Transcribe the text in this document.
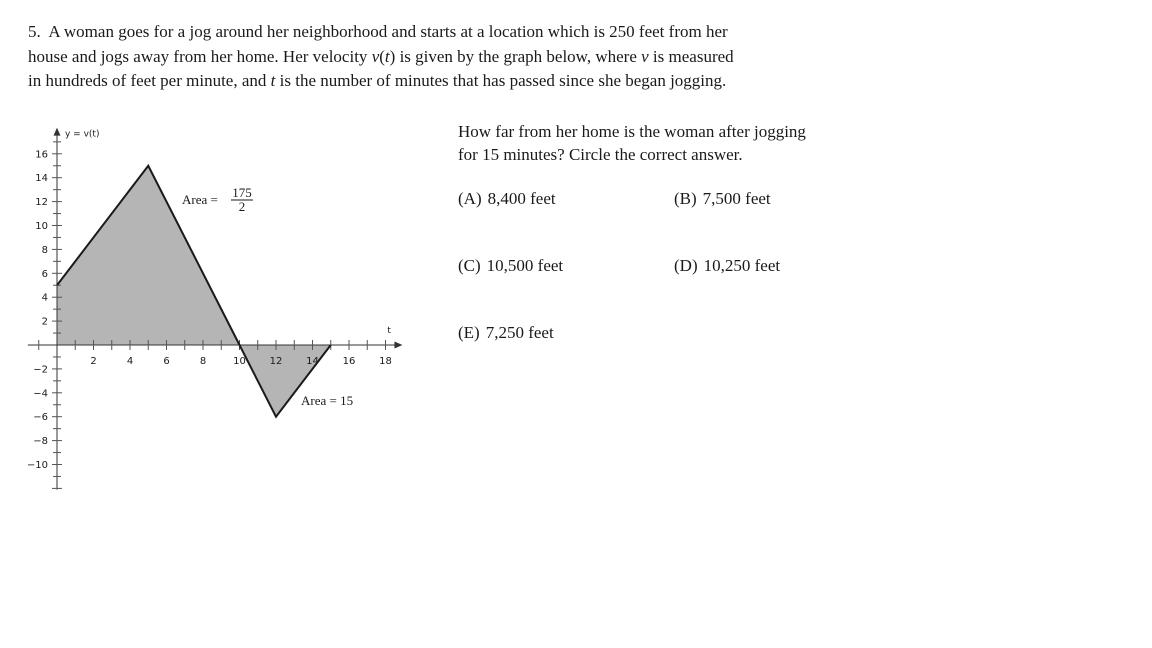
5. A woman goes for a jog around her neighborhood and starts at a location which is 250 feet from her
house and jogs away from her home. Her velocity v(t) is given by the graph below, where v is measured
in hundreds of feet per minute, and t is the number of minutes that has passed since she began jogging.

2	4	6	8	10 12 14 16 18
16
14
12
10
8
6
4
2
−2
−4
−6
−8
−10
y = v(t)
t
Area = 175
2
Area = 15

How far from her home is the woman after jogging
for 15 minutes? Circle the correct answer.

(A) 8,400 feet	(B) 7,500 feet
(C) 10,500 feet	(D) 10,250 feet
(E) 7,250 feet
